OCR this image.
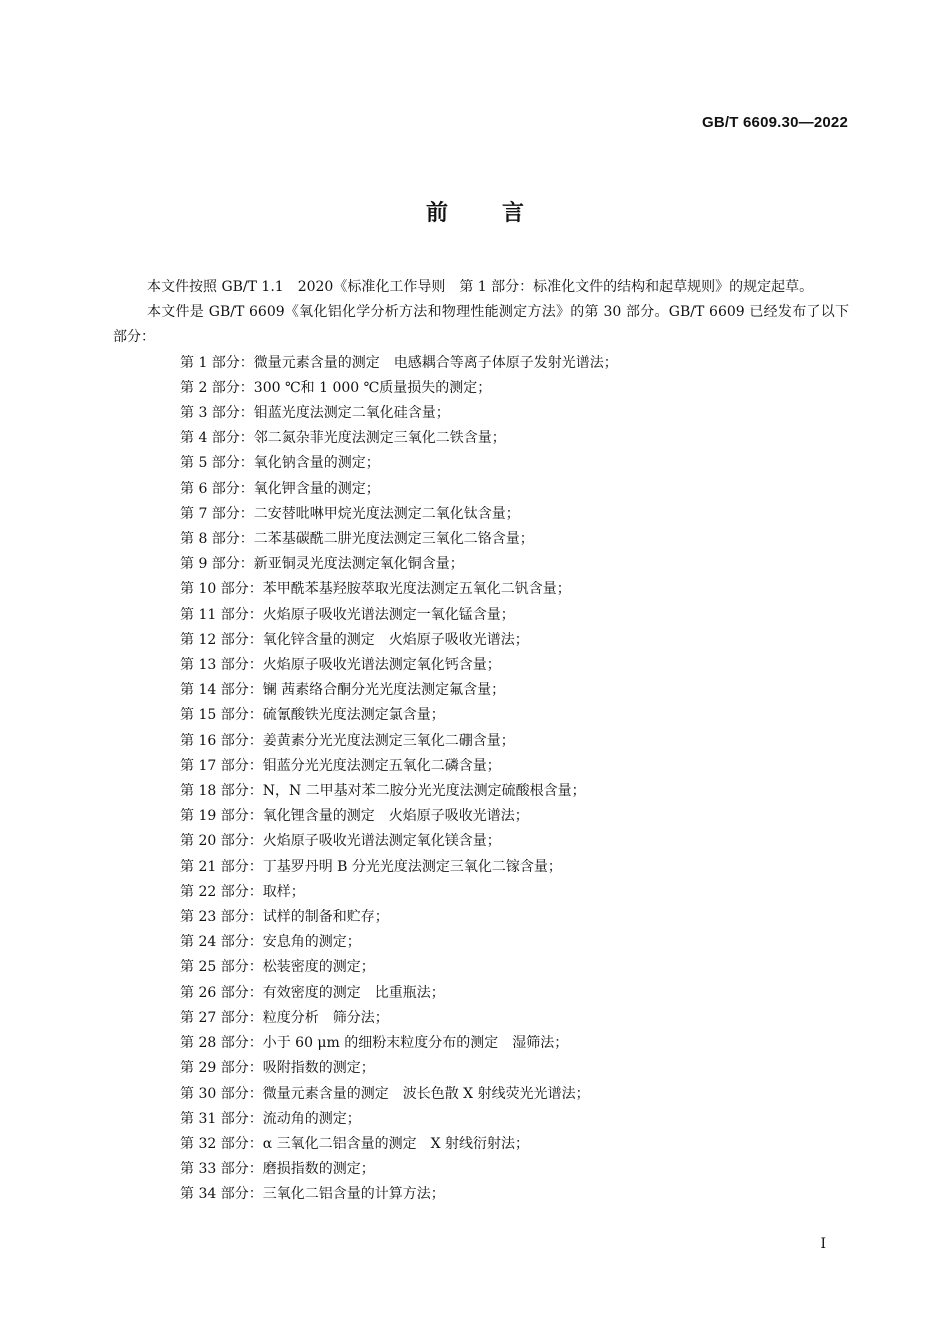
GB/T 6609.30—2022
前言

本文件按照 GB/T 1.1　2020《标准化工作导则　第 1 部分：标准化文件的结构和起草规则》的规定起草。

本文件是 GB/T 6609《氧化铝化学分析方法和物理性能测定方法》的第 30 部分。GB/T 6609 已经发布了以下部分：

第 1 部分：微量元素含量的测定　电感耦合等离子体原子发射光谱法；
第 2 部分：300 ℃和 1 000 ℃质量损失的测定；
第 3 部分：钼蓝光度法测定二氧化硅含量；
第 4 部分：邻二氮杂菲光度法测定三氧化二铁含量；
第 5 部分：氧化钠含量的测定；
第 6 部分：氧化钾含量的测定；
第 7 部分：二安替吡啉甲烷光度法测定二氧化钛含量；
第 8 部分：二苯基碳酰二肼光度法测定三氧化二铬含量；
第 9 部分：新亚铜灵光度法测定氧化铜含量；
第 10 部分：苯甲酰苯基羟胺萃取光度法测定五氧化二钒含量；
第 11 部分：火焰原子吸收光谱法测定一氧化锰含量；
第 12 部分：氧化锌含量的测定　火焰原子吸收光谱法；
第 13 部分：火焰原子吸收光谱法测定氧化钙含量；
第 14 部分：镧 茜素络合酮分光光度法测定氟含量；
第 15 部分：硫氰酸铁光度法测定氯含量；
第 16 部分：姜黄素分光光度法测定三氧化二硼含量；
第 17 部分：钼蓝分光光度法测定五氧化二磷含量；
第 18 部分：N，N 二甲基对苯二胺分光光度法测定硫酸根含量；
第 19 部分：氧化锂含量的测定　火焰原子吸收光谱法；
第 20 部分：火焰原子吸收光谱法测定氧化镁含量；
第 21 部分：丁基罗丹明 B 分光光度法测定三氧化二镓含量；
第 22 部分：取样；
第 23 部分：试样的制备和贮存；
第 24 部分：安息角的测定；
第 25 部分：松装密度的测定；
第 26 部分：有效密度的测定　比重瓶法；
第 27 部分：粒度分析　筛分法；
第 28 部分：小于 60 μm 的细粉末粒度分布的测定　湿筛法；
第 29 部分：吸附指数的测定；
第 30 部分：微量元素含量的测定　波长色散 X 射线荧光光谱法；
第 31 部分：流动角的测定；
第 32 部分：α 三氧化二铝含量的测定　X 射线衍射法；
第 33 部分：磨损指数的测定；
第 34 部分：三氧化二铝含量的计算方法；
I
